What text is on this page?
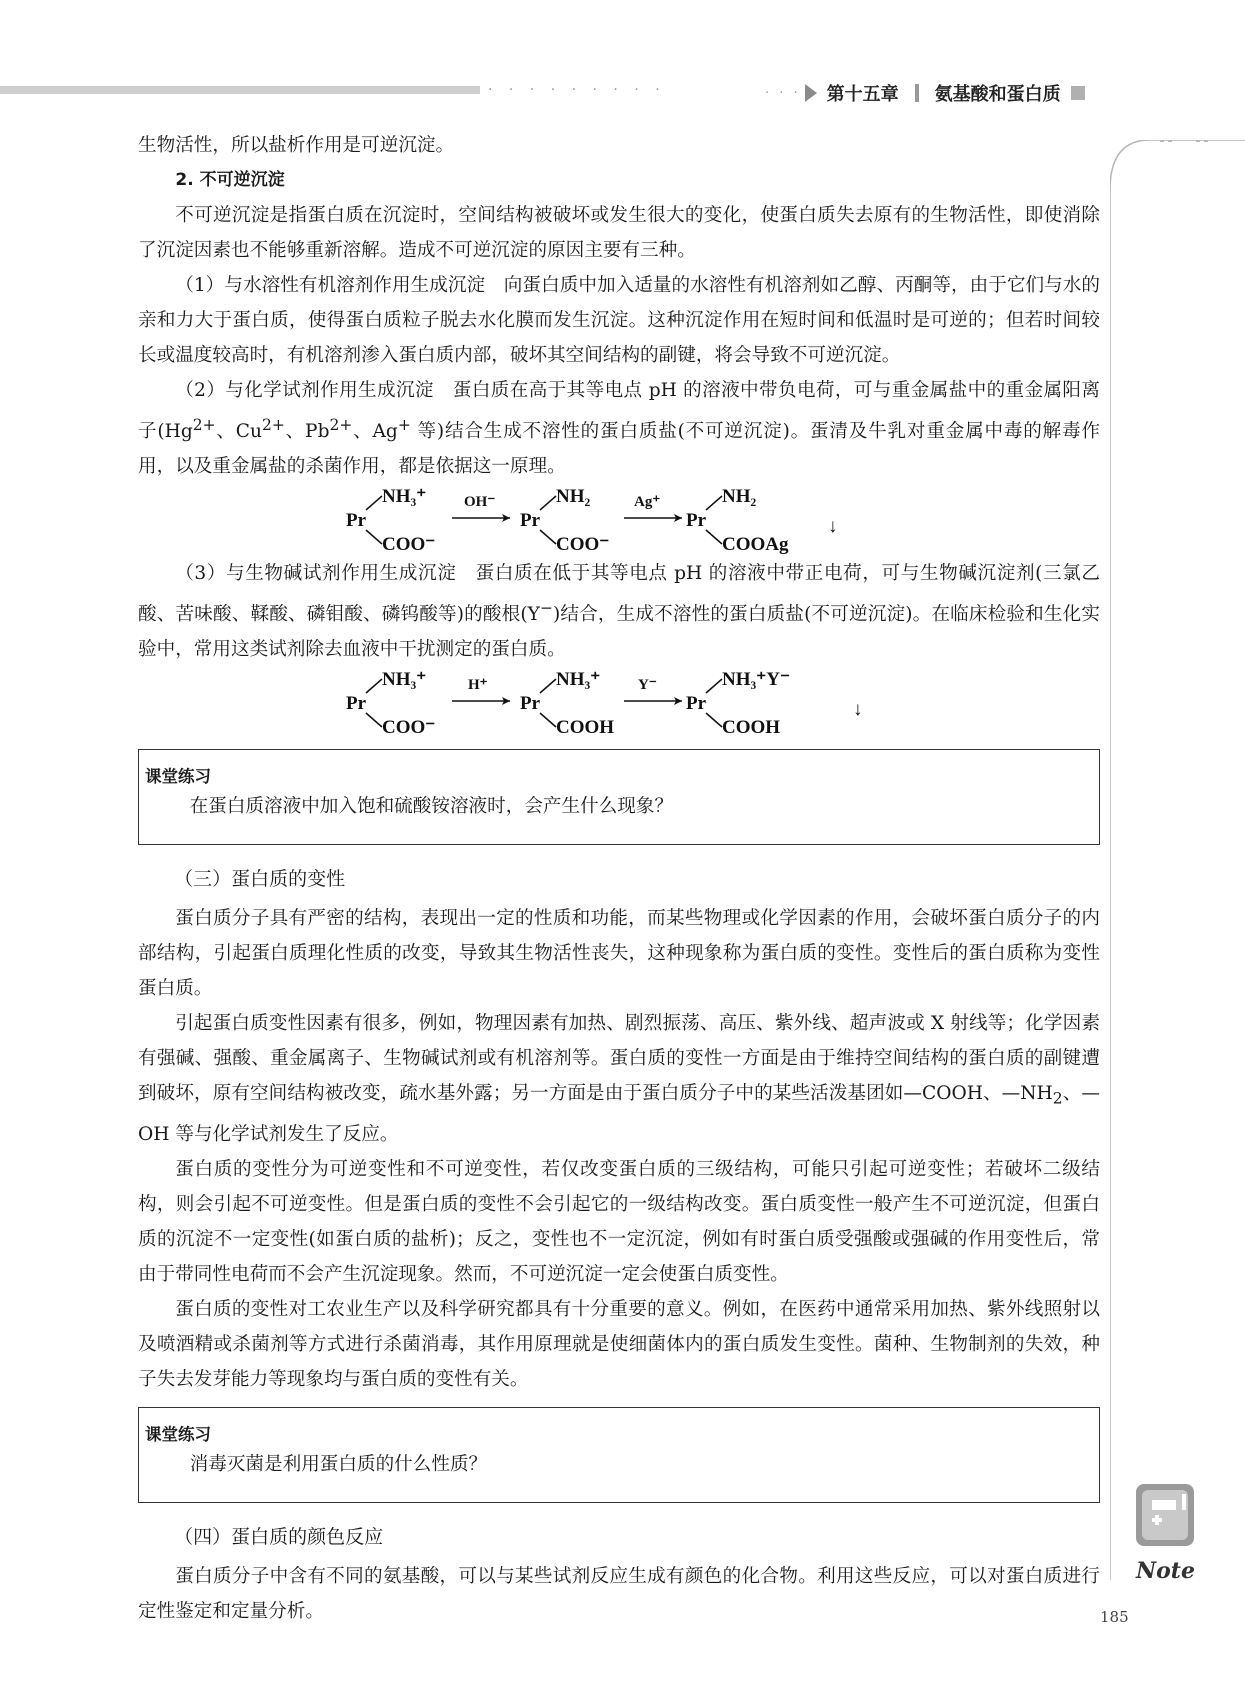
· · · · · · · · ·	· · · 第十五章 氨基酸和蛋白质

生物活性，所以盐析作用是可逆沉淀。

2. 不可逆沉淀

不可逆沉淀是指蛋白质在沉淀时，空间结构被破坏或发生很大的变化，使蛋白质失去原有的生物活性，即使消除了沉淀因素也不能够重新溶解。造成不可逆沉淀的原因主要有三种。

（1）与水溶性有机溶剂作用生成沉淀  向蛋白质中加入适量的水溶性有机溶剂如乙醇、丙酮等，由于它们与水的亲和力大于蛋白质，使得蛋白质粒子脱去水化膜而发生沉淀。这种沉淀作用在短时间和低温时是可逆的；但若时间较长或温度较高时，有机溶剂渗入蛋白质内部，破坏其空间结构的副键，将会导致不可逆沉淀。

（2）与化学试剂作用生成沉淀  蛋白质在高于其等电点 pH 的溶液中带负电荷，可与重金属盐中的重金属阳离子($Hg^{2+}$、$Cu^{2+}$、$Pb^{2+}$、Ag+ 等)结合生成不溶性的蛋白质盐(不可逆沉淀)。蛋清及牛乳对重金属中毒的解毒作用，以及重金属盐的杀菌作用，都是依据这一原理。

Pr
NH₃⁺
COO⁻
OH⁻
Pr
NH₂
COO⁻
Ag⁺
Pr
NH₂
COOAg
↓

（3）与生物碱试剂作用生成沉淀  蛋白质在低于其等电点 pH 的溶液中带正电荷，可与生物碱沉淀剂(三氯乙酸、苦味酸、鞣酸、磷钼酸、磷钨酸等)的酸根(Y−)结合，生成不溶性的蛋白质盐(不可逆沉淀)。在临床检验和生化实验中，常用这类试剂除去血液中干扰测定的蛋白质。

Pr
NH₃⁺
COO⁻
H⁺
Pr
NH₃⁺
COOH
Y⁻
Pr
NH₃⁺Y⁻
COOH
↓
课堂练习

在蛋白质溶液中加入饱和硫酸铵溶液时，会产生什么现象？

（三）蛋白质的变性

蛋白质分子具有严密的结构，表现出一定的性质和功能，而某些物理或化学因素的作用，会破坏蛋白质分子的内部结构，引起蛋白质理化性质的改变，导致其生物活性丧失，这种现象称为蛋白质的变性。变性后的蛋白质称为变性蛋白质。

引起蛋白质变性因素有很多，例如，物理因素有加热、剧烈振荡、高压、紫外线、超声波或 X 射线等；化学因素有强碱、强酸、重金属离子、生物碱试剂或有机溶剂等。蛋白质的变性一方面是由于维持空间结构的蛋白质的副键遭到破坏，原有空间结构被改变，疏水基外露；另一方面是由于蛋白质分子中的某些活泼基团如—COOH、$—NH_2$、—OH 等与化学试剂发生了反应。

蛋白质的变性分为可逆变性和不可逆变性，若仅改变蛋白质的三级结构，可能只引起可逆变性；若破坏二级结构，则会引起不可逆变性。但是蛋白质的变性不会引起它的一级结构改变。蛋白质变性一般产生不可逆沉淀，但蛋白质的沉淀不一定变性(如蛋白质的盐析)；反之，变性也不一定沉淀，例如有时蛋白质受强酸或强碱的作用变性后，常由于带同性电荷而不会产生沉淀现象。然而，不可逆沉淀一定会使蛋白质变性。

蛋白质的变性对工农业生产以及科学研究都具有十分重要的意义。例如，在医药中通常采用加热、紫外线照射以及喷酒精或杀菌剂等方式进行杀菌消毒，其作用原理就是使细菌体内的蛋白质发生变性。菌种、生物制剂的失效，种子失去发芽能力等现象均与蛋白质的变性有关。

课堂练习

消毒灭菌是利用蛋白质的什么性质？

（四）蛋白质的颜色反应

蛋白质分子中含有不同的氨基酸，可以与某些试剂反应生成有颜色的化合物。利用这些反应，可以对蛋白质进行定性鉴定和定量分析。

Note
185
